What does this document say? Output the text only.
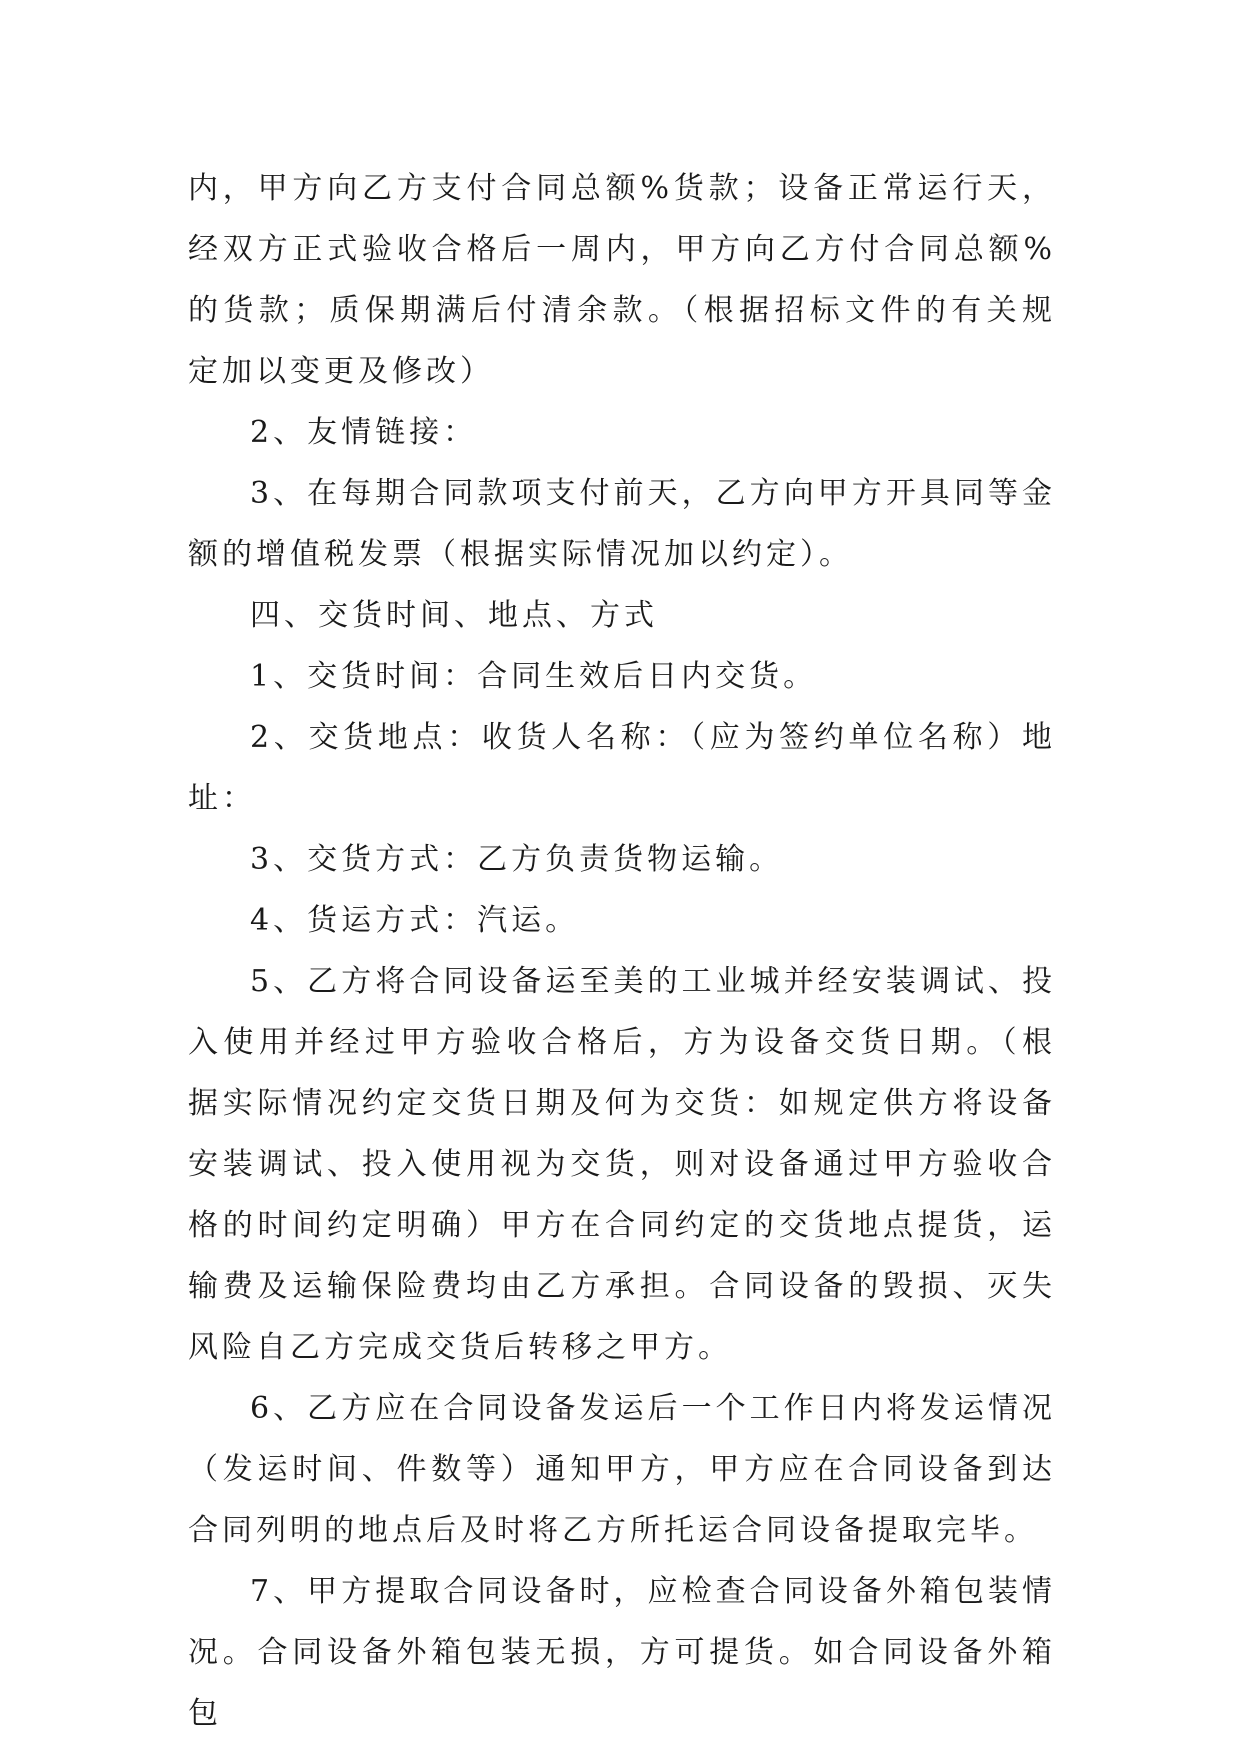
内，甲方向乙方支付合同总额%货款；设备正常运行天，经双方正式验收合格后一周内，甲方向乙方付合同总额%的货款；质保期满后付清余款。（根据招标文件的有关规定加以变更及修改）

2、友情链接：

3、在每期合同款项支付前天，乙方向甲方开具同等金额的增值税发票（根据实际情况加以约定）。

四、交货时间、地点、方式

1、交货时间：合同生效后日内交货。

2、交货地点：收货人名称：（应为签约单位名称）地址：

3、交货方式：乙方负责货物运输。

4、货运方式：汽运。

5、乙方将合同设备运至美的工业城并经安装调试、投入使用并经过甲方验收合格后，方为设备交货日期。（根据实际情况约定交货日期及何为交货：如规定供方将设备安装调试、投入使用视为交货，则对设备通过甲方验收合格的时间约定明确）甲方在合同约定的交货地点提货，运输费及运输保险费均由乙方承担。合同设备的毁损、灭失风险自乙方完成交货后转移之甲方。

6、乙方应在合同设备发运后一个工作日内将发运情况（发运时间、件数等）通知甲方，甲方应在合同设备到达合同列明的地点后及时将乙方所托运合同设备提取完毕。

7、甲方提取合同设备时，应检查合同设备外箱包装情况。合同设备外箱包装无损，方可提货。如合同设备外箱包
